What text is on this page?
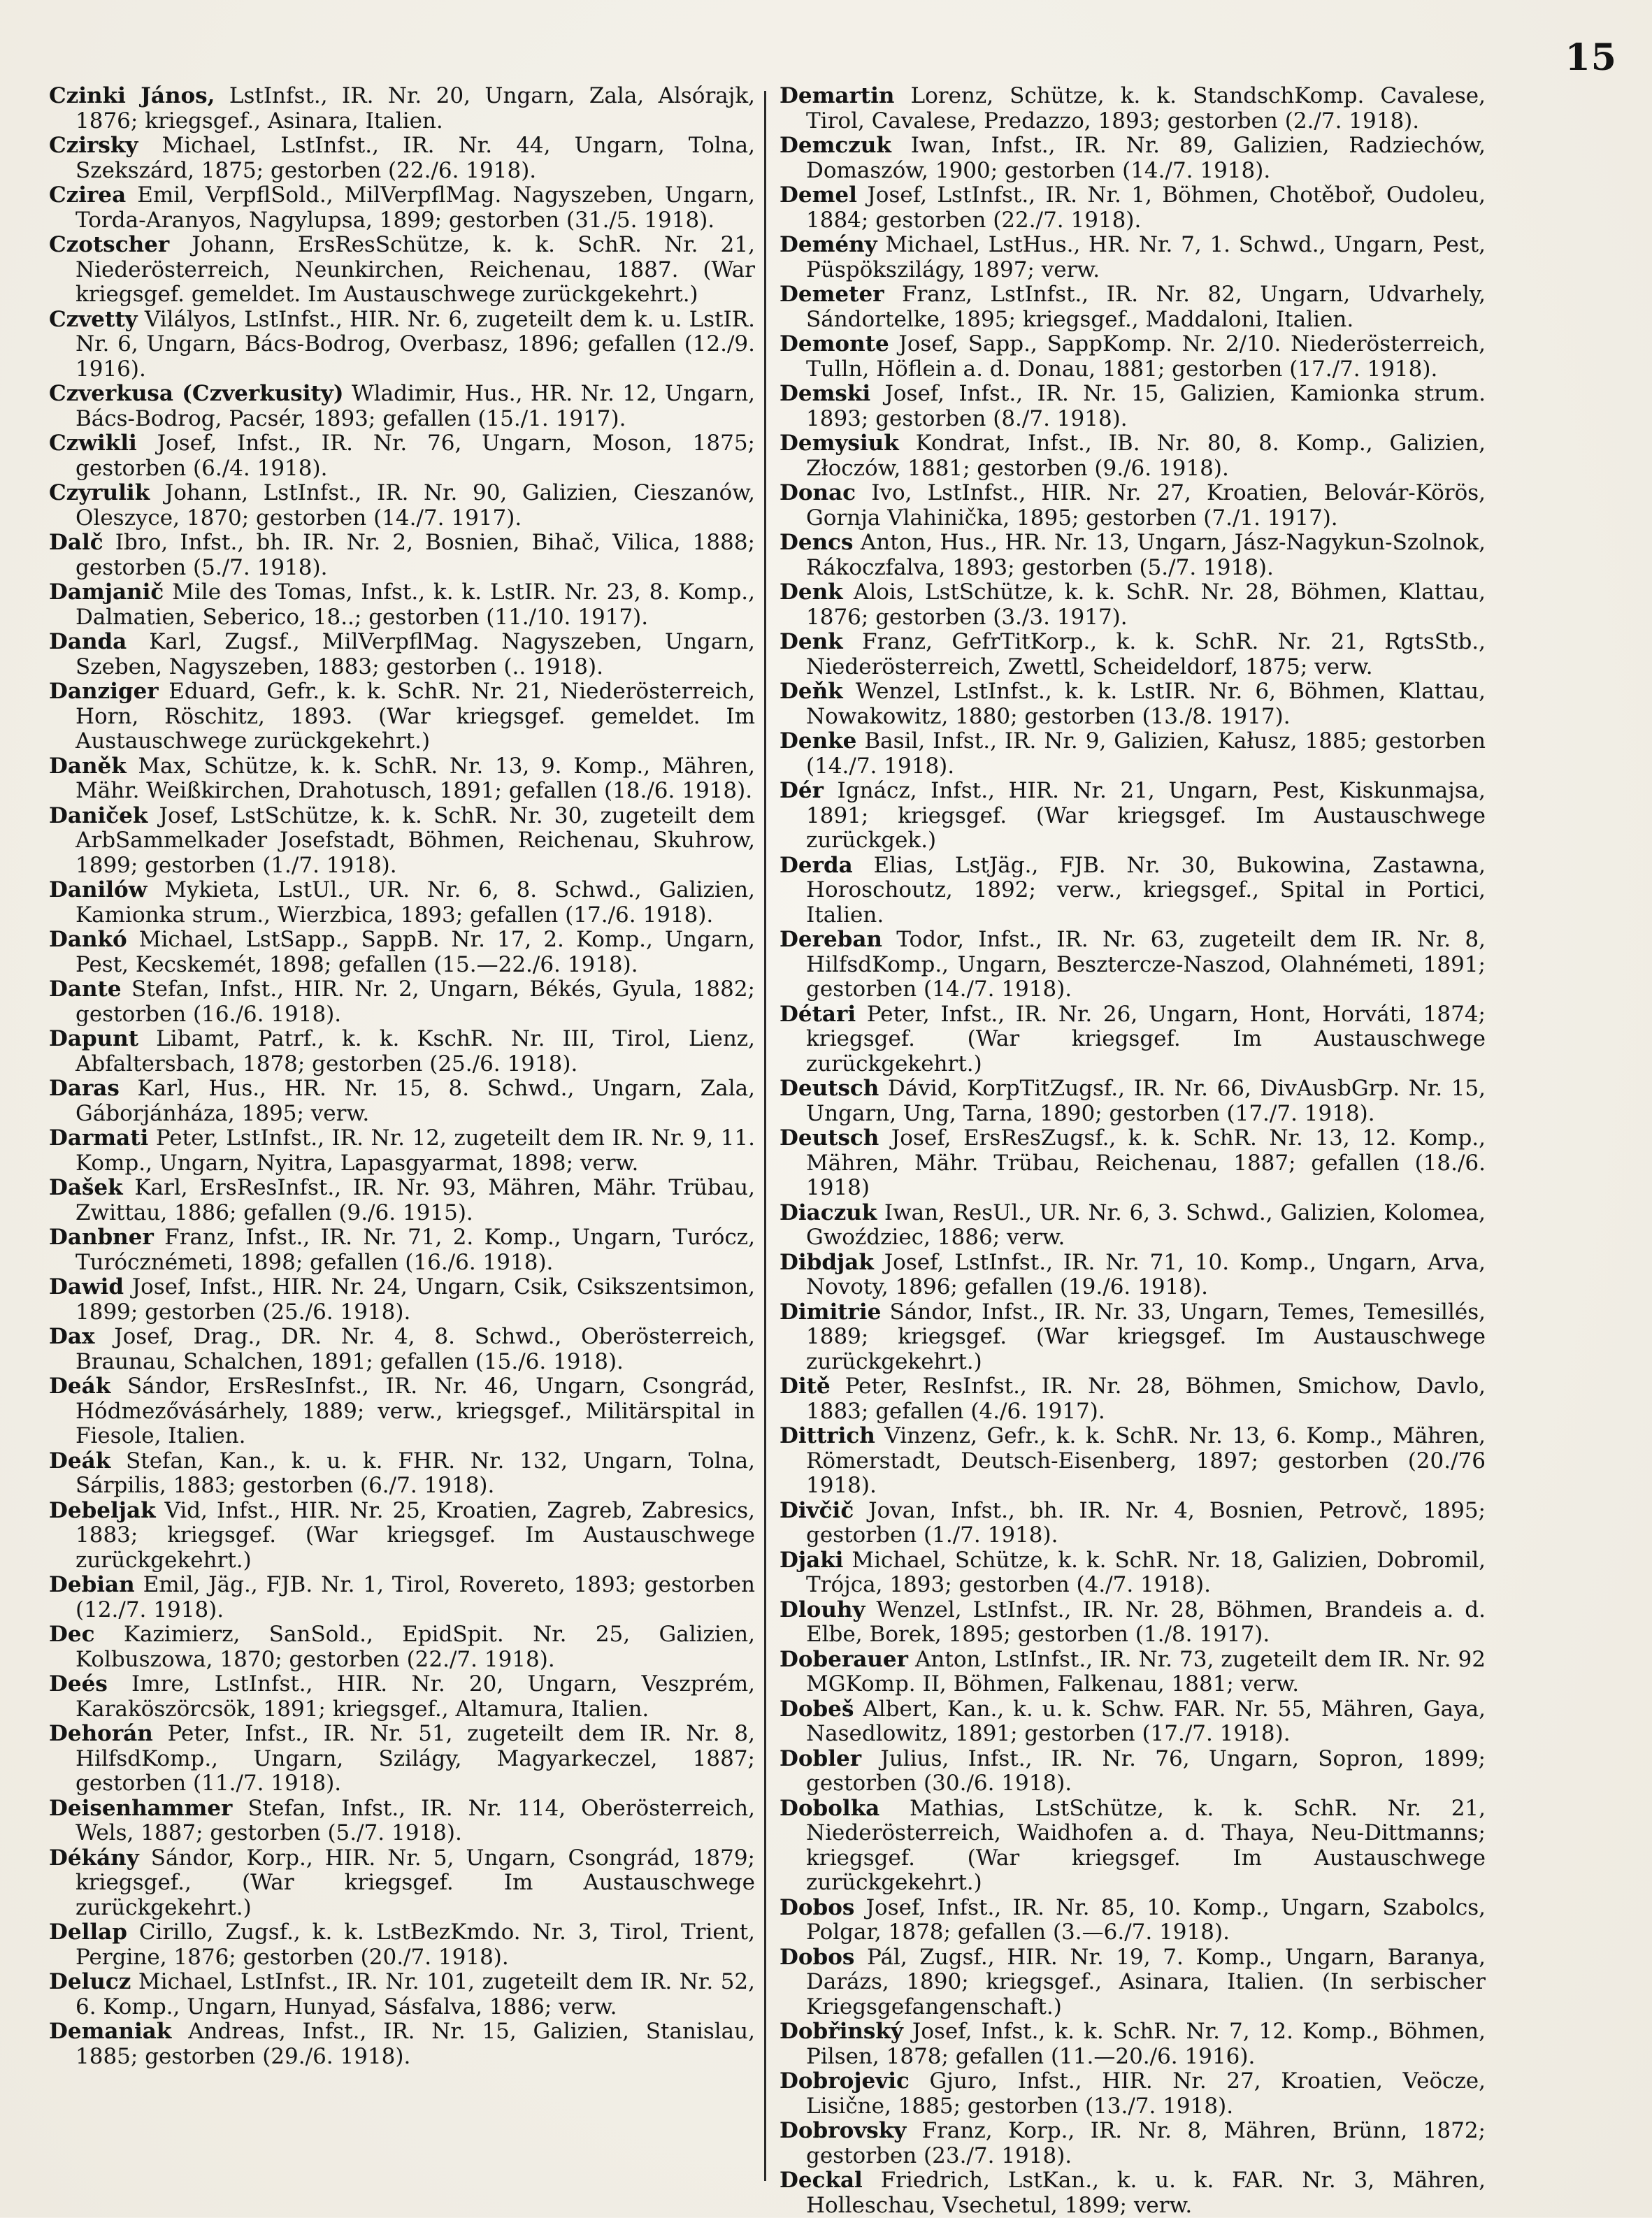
15

Czinki János, LstInfst., IR. Nr. 20, Ungarn, Zala, Alsórajk, 1876; kriegsgef., Asinara, Italien.

Czirsky Michael, LstInfst., IR. Nr. 44, Ungarn, Tolna, Szekszárd, 1875; gestorben (22./6. 1918).

Czirea Emil, VerpflSold., MilVerpflMag. Nagyszeben, Ungarn, Torda-Aranyos, Nagylupsa, 1899; gestorben (31./5. 1918).

Czotscher Johann, ErsResSchütze, k. k. SchR. Nr. 21, Niederösterreich, Neunkirchen, Reichenau, 1887. (War kriegsgef. gemeldet. Im Austauschwege zurückgekehrt.)

Czvetty Vilályos, LstInfst., HIR. Nr. 6, zugeteilt dem k. u. LstIR. Nr. 6, Ungarn, Bács-Bodrog, Overbasz, 1896; gefallen (12./9. 1916).

Czverkusa (Czverkusity) Wladimir, Hus., HR. Nr. 12, Ungarn, Bács-Bodrog, Pacsér, 1893; gefallen (15./1. 1917).

Czwikli Josef, Infst., IR. Nr. 76, Ungarn, Moson, 1875; gestorben (6./4. 1918).

Czyrulik Johann, LstInfst., IR. Nr. 90, Galizien, Cieszanów, Oleszyce, 1870; gestorben (14./7. 1917).

Dalč Ibro, Infst., bh. IR. Nr. 2, Bosnien, Bihač, Vilica, 1888; gestorben (5./7. 1918).

Damjanič Mile des Tomas, Infst., k. k. LstIR. Nr. 23, 8. Komp., Dalmatien, Seberico, 18..; gestorben (11./10. 1917).

Danda Karl, Zugsf., MilVerpflMag. Nagyszeben, Ungarn, Szeben, Nagyszeben, 1883; gestorben (.. 1918).

Danziger Eduard, Gefr., k. k. SchR. Nr. 21, Niederösterreich, Horn, Röschitz, 1893. (War kriegsgef. gemeldet. Im Austauschwege zurückgekehrt.)

Daněk Max, Schütze, k. k. SchR. Nr. 13, 9. Komp., Mähren, Mähr. Weißkirchen, Drahotusch, 1891; gefallen (18./6. 1918).

Daniček Josef, LstSchütze, k. k. SchR. Nr. 30, zugeteilt dem ArbSammelkader Josefstadt, Böhmen, Reichenau, Skuhrow, 1899; gestorben (1./7. 1918).

Danilów Mykieta, LstUl., UR. Nr. 6, 8. Schwd., Galizien, Kamionka strum., Wierzbica, 1893; gefallen (17./6. 1918).

Dankó Michael, LstSapp., SappB. Nr. 17, 2. Komp., Ungarn, Pest, Kecskemét, 1898; gefallen (15.—22./6. 1918).

Dante Stefan, Infst., HIR. Nr. 2, Ungarn, Békés, Gyula, 1882; gestorben (16./6. 1918).

Dapunt Libamt, Patrf., k. k. KschR. Nr. III, Tirol, Lienz, Abfaltersbach, 1878; gestorben (25./6. 1918).

Daras Karl, Hus., HR. Nr. 15, 8. Schwd., Ungarn, Zala, Gáborjánháza, 1895; verw.

Darmati Peter, LstInfst., IR. Nr. 12, zugeteilt dem IR. Nr. 9, 11. Komp., Ungarn, Nyitra, Lapasgyarmat, 1898; verw.

Dašek Karl, ErsResInfst., IR. Nr. 93, Mähren, Mähr. Trübau, Zwittau, 1886; gefallen (9./6. 1915).

Danbner Franz, Infst., IR. Nr. 71, 2. Komp., Ungarn, Turócz, Turócznémeti, 1898; gefallen (16./6. 1918).

Dawid Josef, Infst., HIR. Nr. 24, Ungarn, Csik, Csikszentsimon, 1899; gestorben (25./6. 1918).

Dax Josef, Drag., DR. Nr. 4, 8. Schwd., Oberösterreich, Braunau, Schalchen, 1891; gefallen (15./6. 1918).

Deák Sándor, ErsResInfst., IR. Nr. 46, Ungarn, Csongrád, Hódmezővásárhely, 1889; verw., kriegsgef., Militärspital in Fiesole, Italien.

Deák Stefan, Kan., k. u. k. FHR. Nr. 132, Ungarn, Tolna, Sárpilis, 1883; gestorben (6./7. 1918).

Debeljak Vid, Infst., HIR. Nr. 25, Kroatien, Zagreb, Zabresics, 1883; kriegsgef. (War kriegsgef. Im Austauschwege zurückgekehrt.)

Debian Emil, Jäg., FJB. Nr. 1, Tirol, Rovereto, 1893; gestorben (12./7. 1918).

Dec Kazimierz, SanSold., EpidSpit. Nr. 25, Galizien, Kolbuszowa, 1870; gestorben (22./7. 1918).

Deés Imre, LstInfst., HIR. Nr. 20, Ungarn, Veszprém, Karaköszörcsök, 1891; kriegsgef., Altamura, Italien.

Dehorán Peter, Infst., IR. Nr. 51, zugeteilt dem IR. Nr. 8, HilfsdKomp., Ungarn, Szilágy, Magyarkeczel, 1887; gestorben (11./7. 1918).

Deisenhammer Stefan, Infst., IR. Nr. 114, Oberösterreich, Wels, 1887; gestorben (5./7. 1918).

Dékány Sándor, Korp., HIR. Nr. 5, Ungarn, Csongrád, 1879; kriegsgef., (War kriegsgef. Im Austauschwege zurückgekehrt.)

Dellap Cirillo, Zugsf., k. k. LstBezKmdo. Nr. 3, Tirol, Trient, Pergine, 1876; gestorben (20./7. 1918).

Delucz Michael, LstInfst., IR. Nr. 101, zugeteilt dem IR. Nr. 52, 6. Komp., Ungarn, Hunyad, Sásfalva, 1886; verw.

Demaniak Andreas, Infst., IR. Nr. 15, Galizien, Stanislau, 1885; gestorben (29./6. 1918).

Demartin Lorenz, Schütze, k. k. StandschKomp. Cavalese, Tirol, Cavalese, Predazzo, 1893; gestorben (2./7. 1918).

Demczuk Iwan, Infst., IR. Nr. 89, Galizien, Radziechów, Domaszów, 1900; gestorben (14./7. 1918).

Demel Josef, LstInfst., IR. Nr. 1, Böhmen, Chotěboř, Oudoleu, 1884; gestorben (22./7. 1918).

Demény Michael, LstHus., HR. Nr. 7, 1. Schwd., Ungarn, Pest, Püspökszilágy, 1897; verw.

Demeter Franz, LstInfst., IR. Nr. 82, Ungarn, Udvarhely, Sándortelke, 1895; kriegsgef., Maddaloni, Italien.

Demonte Josef, Sapp., SappKomp. Nr. 2/10. Niederösterreich, Tulln, Höflein a. d. Donau, 1881; gestorben (17./7. 1918).

Demski Josef, Infst., IR. Nr. 15, Galizien, Kamionka strum. 1893; gestorben (8./7. 1918).

Demysiuk Kondrat, Infst., IB. Nr. 80, 8. Komp., Galizien, Złoczów, 1881; gestorben (9./6. 1918).

Donac Ivo, LstInfst., HIR. Nr. 27, Kroatien, Belovár-Körös, Gornja Vlahinička, 1895; gestorben (7./1. 1917).

Dencs Anton, Hus., HR. Nr. 13, Ungarn, Jász-Nagykun-Szolnok, Rákoczfalva, 1893; gestorben (5./7. 1918).

Denk Alois, LstSchütze, k. k. SchR. Nr. 28, Böhmen, Klattau, 1876; gestorben (3./3. 1917).

Denk Franz, GefrTitKorp., k. k. SchR. Nr. 21, RgtsStb., Niederösterreich, Zwettl, Scheideldorf, 1875; verw.

Deňk Wenzel, LstInfst., k. k. LstIR. Nr. 6, Böhmen, Klattau, Nowakowitz, 1880; gestorben (13./8. 1917).

Denke Basil, Infst., IR. Nr. 9, Galizien, Kałusz, 1885; gestorben (14./7. 1918).

Dér Ignácz, Infst., HIR. Nr. 21, Ungarn, Pest, Kiskunmajsa, 1891; kriegsgef. (War kriegsgef. Im Austauschwege zurückgek.)

Derda Elias, LstJäg., FJB. Nr. 30, Bukowina, Zastawna, Horoschoutz, 1892; verw., kriegsgef., Spital in Portici, Italien.

Dereban Todor, Infst., IR. Nr. 63, zugeteilt dem IR. Nr. 8, HilfsdKomp., Ungarn, Besztercze-Naszod, Olahnémeti, 1891; gestorben (14./7. 1918).

Détari Peter, Infst., IR. Nr. 26, Ungarn, Hont, Horváti, 1874; kriegsgef. (War kriegsgef. Im Austauschwege zurückgekehrt.)

Deutsch Dávid, KorpTitZugsf., IR. Nr. 66, DivAusbGrp. Nr. 15, Ungarn, Ung, Tarna, 1890; gestorben (17./7. 1918).

Deutsch Josef, ErsResZugsf., k. k. SchR. Nr. 13, 12. Komp., Mähren, Mähr. Trübau, Reichenau, 1887; gefallen (18./6. 1918)

Diaczuk Iwan, ResUl., UR. Nr. 6, 3. Schwd., Galizien, Kolomea, Gwoździec, 1886; verw.

Dibdjak Josef, LstInfst., IR. Nr. 71, 10. Komp., Ungarn, Arva, Novoty, 1896; gefallen (19./6. 1918).

Dimitrie Sándor, Infst., IR. Nr. 33, Ungarn, Temes, Temesillés, 1889; kriegsgef. (War kriegsgef. Im Austauschwege zurückgekehrt.)

Ditě Peter, ResInfst., IR. Nr. 28, Böhmen, Smichow, Davlo, 1883; gefallen (4./6. 1917).

Dittrich Vinzenz, Gefr., k. k. SchR. Nr. 13, 6. Komp., Mähren, Römerstadt, Deutsch-Eisenberg, 1897; gestorben (20./76 1918).

Divčič Jovan, Infst., bh. IR. Nr. 4, Bosnien, Petrovč, 1895; gestorben (1./7. 1918).

Djaki Michael, Schütze, k. k. SchR. Nr. 18, Galizien, Dobromil, Trójca, 1893; gestorben (4./7. 1918).

Dlouhy Wenzel, LstInfst., IR. Nr. 28, Böhmen, Brandeis a. d. Elbe, Borek, 1895; gestorben (1./8. 1917).

Doberauer Anton, LstInfst., IR. Nr. 73, zugeteilt dem IR. Nr. 92 MGKomp. II, Böhmen, Falkenau, 1881; verw.

Dobeš Albert, Kan., k. u. k. Schw. FAR. Nr. 55, Mähren, Gaya, Nasedlowitz, 1891; gestorben (17./7. 1918).

Dobler Julius, Infst., IR. Nr. 76, Ungarn, Sopron, 1899; gestorben (30./6. 1918).

Dobolka Mathias, LstSchütze, k. k. SchR. Nr. 21, Niederösterreich, Waidhofen a. d. Thaya, Neu-Dittmanns; kriegsgef. (War kriegsgef. Im Austauschwege zurückgekehrt.)

Dobos Josef, Infst., IR. Nr. 85, 10. Komp., Ungarn, Szabolcs, Polgar, 1878; gefallen (3.—6./7. 1918).

Dobos Pál, Zugsf., HIR. Nr. 19, 7. Komp., Ungarn, Baranya, Darázs, 1890; kriegsgef., Asinara, Italien. (In serbischer Kriegsgefangenschaft.)

Dobřinský Josef, Infst., k. k. SchR. Nr. 7, 12. Komp., Böhmen, Pilsen, 1878; gefallen (11.—20./6. 1916).

Dobrojevic Gjuro, Infst., HIR. Nr. 27, Kroatien, Veöcze, Lisične, 1885; gestorben (13./7. 1918).

Dobrovsky Franz, Korp., IR. Nr. 8, Mähren, Brünn, 1872; gestorben (23./7. 1918).

Deckal Friedrich, LstKan., k. u. k. FAR. Nr. 3, Mähren, Holleschau, Vsechetul, 1899; verw.
